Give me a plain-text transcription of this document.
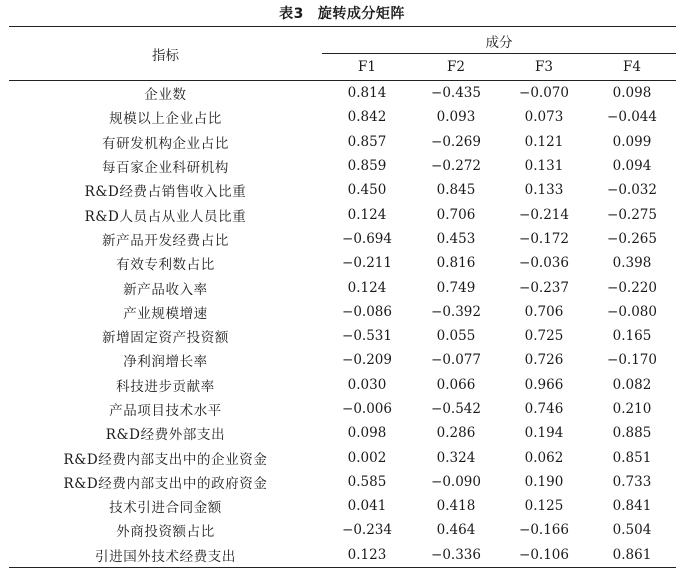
表3 旋转成分矩阵
指标	成分			
	F1	F2	F3	F4
企业数	0.814	−0.435	−0.070	0.098
规模以上企业占比	0.842	0.093	0.073	−0.044
有研发机构企业占比	0.857	−0.269	0.121	0.099
每百家企业科研机构	0.859	−0.272	0.131	0.094
R&D经费占销售收入比重	0.450	0.845	0.133	−0.032
R&D人员占从业人员比重	0.124	0.706	−0.214	−0.275
新产品开发经费占比	−0.694	0.453	−0.172	−0.265
有效专利数占比	−0.211	0.816	−0.036	0.398
新产品收入率	0.124	0.749	−0.237	−0.220
产业规模增速	−0.086	−0.392	0.706	−0.080
新增固定资产投资额	−0.531	0.055	0.725	0.165
净利润增长率	−0.209	−0.077	0.726	−0.170
科技进步贡献率	0.030	0.066	0.966	0.082
产品项目技术水平	−0.006	−0.542	0.746	0.210
R&D经费外部支出	0.098	0.286	0.194	0.885
R&D经费内部支出中的企业资金	0.002	0.324	0.062	0.851
R&D经费内部支出中的政府资金	0.585	−0.090	0.190	0.733
技术引进合同金额	0.041	0.418	0.125	0.841
外商投资额占比	−0.234	0.464	−0.166	0.504
引进国外技术经费支出	0.123	−0.336	−0.106	0.861
